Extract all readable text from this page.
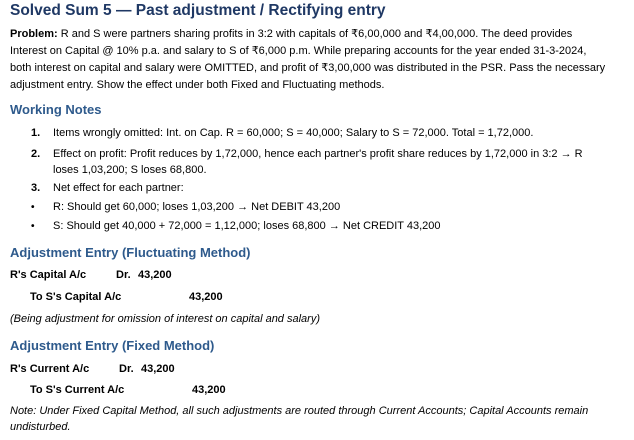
Solved Sum 5 — Past adjustment / Rectifying entry
Problem: R and S were partners sharing profits in 3:2 with capitals of ₹6,00,000 and ₹4,00,000. The deed provides
Interest on Capital @ 10% p.a. and salary to S of ₹6,000 p.m. While preparing accounts for the year ended 31-3-2024,
both interest on capital and salary were OMITTED, and profit of ₹3,00,000 was distributed in the PSR. Pass the necessary
adjustment entry. Show the effect under both Fixed and Fluctuating methods.
Working Notes
1. Items wrongly omitted: Int. on Cap. R = 60,000; S = 40,000; Salary to S = 72,000. Total = 1,72,000.
2. Effect on profit: Profit reduces by 1,72,000, hence each partner's profit share reduces by 1,72,000 in 3:2 → R
loses 1,03,200; S loses 68,800.
3. Net effect for each partner:
• R: Should get 60,000; loses 1,03,200 → Net DEBIT 43,200
• S: Should get 40,000 + 72,000 = 1,12,000; loses 68,800 → Net CREDIT 43,200
Adjustment Entry (Fluctuating Method)
R's Capital A/c	Dr. 43,200
To S's Capital A/c	43,200
(Being adjustment for omission of interest on capital and salary)
Adjustment Entry (Fixed Method)
R's Current A/c	Dr. 43,200
To S's Current A/c	43,200
Note: Under Fixed Capital Method, all such adjustments are routed through Current Accounts; Capital Accounts remain
undisturbed.
